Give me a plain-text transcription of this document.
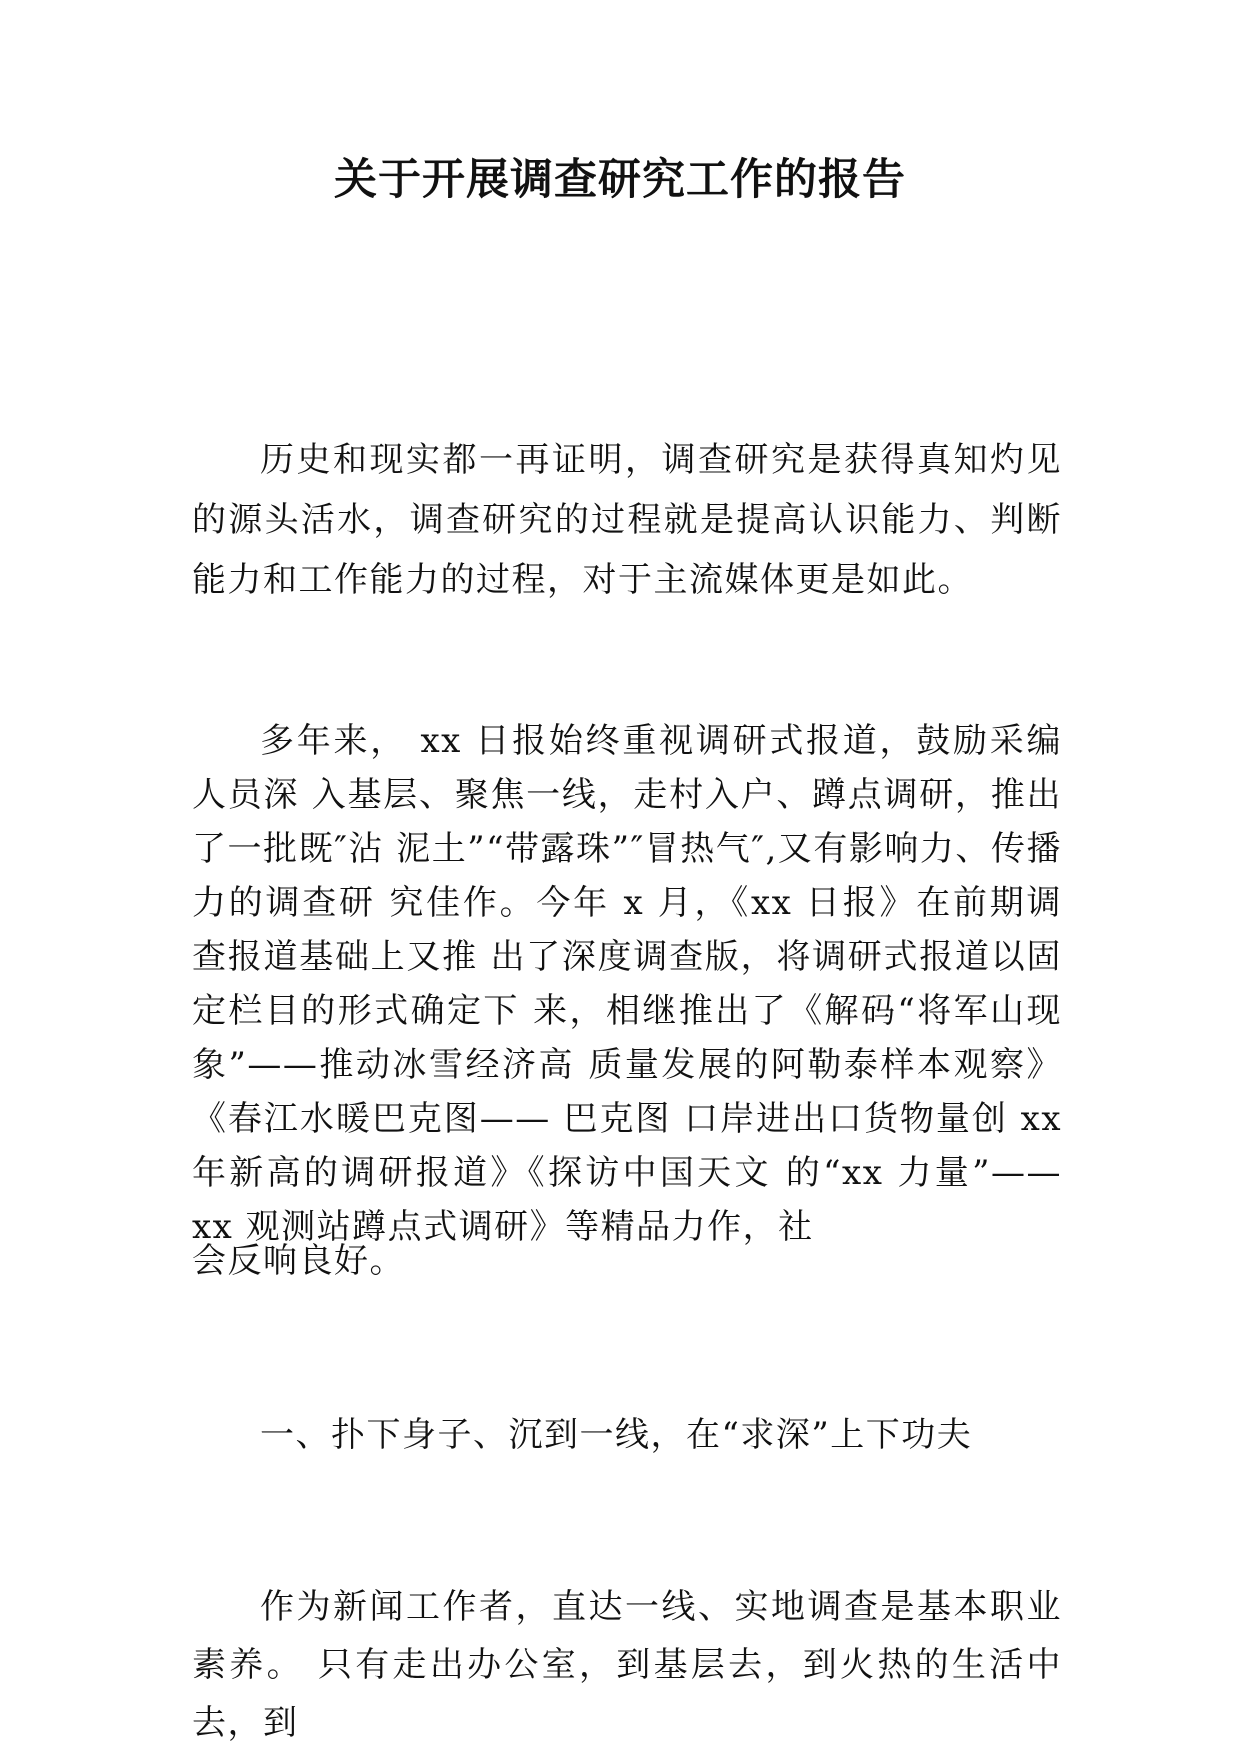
关于开展调查研究工作的报告

历史和现实都一再证明，调查研究是获得真知灼见的源头活水，调查研究的过程就是提高认识能力、判断能力和工作能力的过程，对于主流媒体更是如此。

多年来， xx 日报始终重视调研式报道，鼓励采编人员深 入基层、聚焦一线，走村入户、蹲点调研，推出了一批既″沾 泥土”“带露珠”″冒热气″,又有影响力、传播力的调查研 究佳作。今年 x 月，《xx 日报》在前期调查报道基础上又推 出了深度调查版，将调研式报道以固定栏目的形式确定下 来，相继推出了《解码“将军山现象”——推动冰雪经济高 质量发展的阿勒泰样本观察》《春江水暖巴克图—— 巴克图 口岸进出口货物量创 xx 年新高的调研报道》《探访中国天文 的“xx 力量”——xx 观测站蹲点式调研》等精品力作，社

会反响良好。

一、扑下身子、沉到一线，在“求深”上下功夫

作为新闻工作者，直达一线、实地调查是基本职业素养。 只有走出办公室，到基层去，到火热的生活中去，到
